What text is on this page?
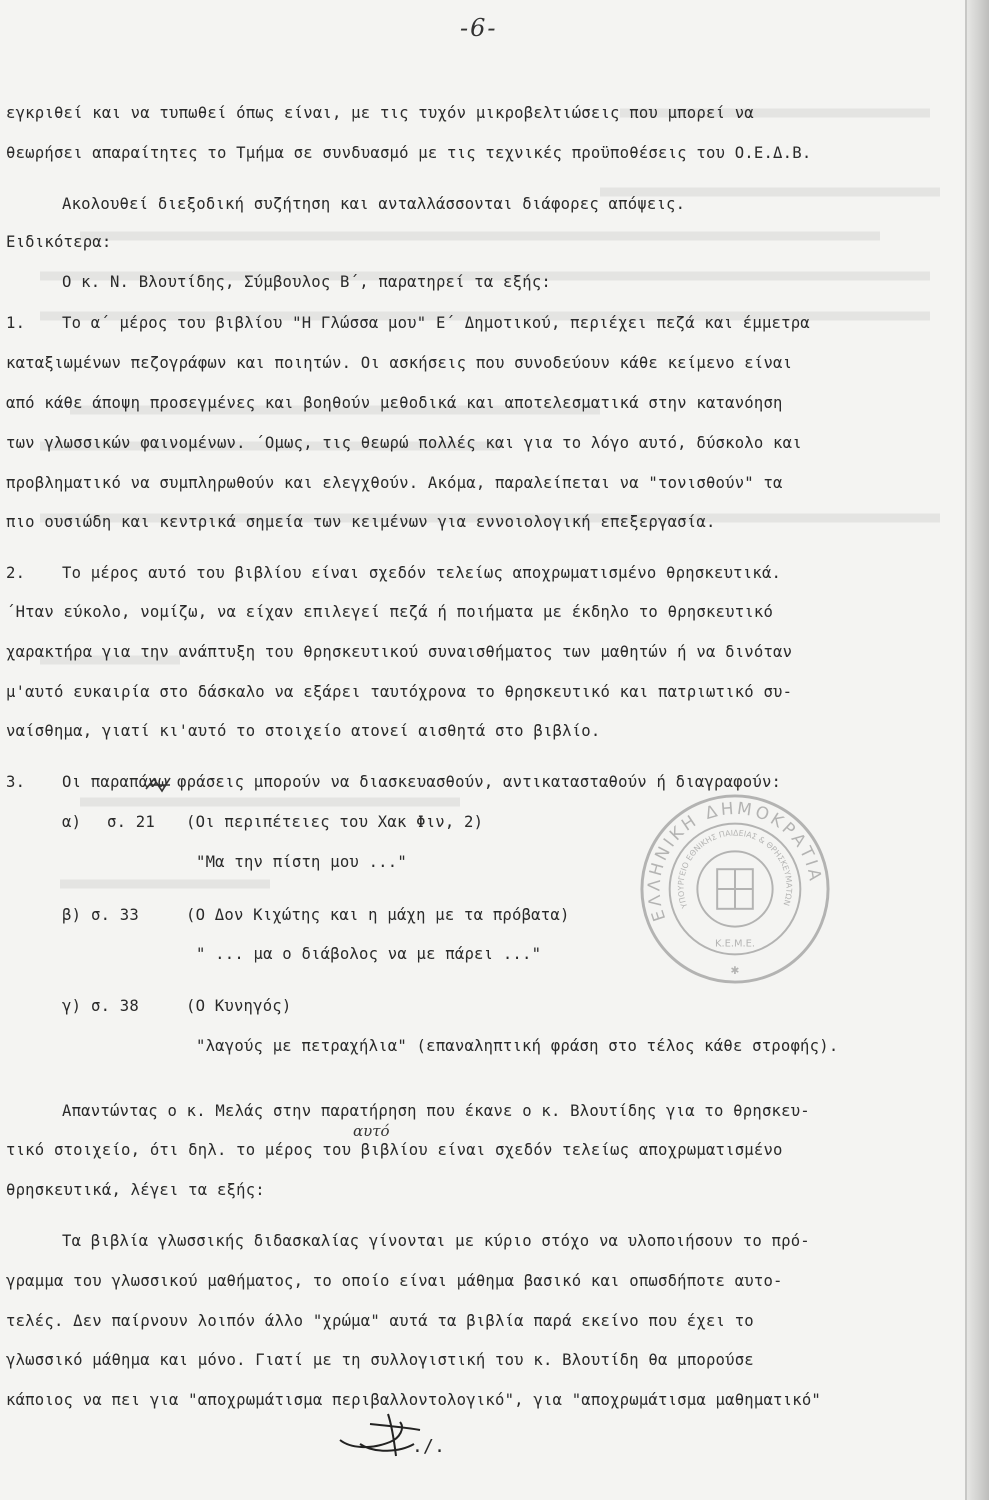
-6-
εγκριθεί και να τυπωθεί όπως είναι, με τις τυχόν μικροβελτιώσεις που μπορεί να
θεωρήσει απαραίτητες το Τμήμα σε συνδυασμό με τις τεχνικές προϋποθέσεις του Ο.Ε.Δ.Β.
Ακολουθεί διεξοδική συζήτηση και ανταλλάσσονται διάφορες απόψεις.
Ειδικότερα:
Ο κ. Ν. Βλουτίδης, Σύμβουλος Β΄, παρατηρεί τα εξής:
1. Το α΄ μέρος του βιβλίου "Η Γλώσσα μου" Ε΄ Δημοτικού, περιέχει πεζά και έμμετρα
καταξιωμένων πεζογράφων και ποιητών. Οι ασκήσεις που συνοδεύουν κάθε κείμενο είναι
από κάθε άποψη προσεγμένες και βοηθούν μεθοδικά και αποτελεσματικά στην κατανόηση
των γλωσσικών φαινομένων. ΄Ομως, τις θεωρώ πολλές και για το λόγο αυτό, δύσκολο και
προβληματικό να συμπληρωθούν και ελεγχθούν. Ακόμα, παραλείπεται να "τονισθούν" τα
πιο ουσιώδη και κεντρικά σημεία των κειμένων για εννοιολογική επεξεργασία.
2. Το μέρος αυτό του βιβλίου είναι σχεδόν τελείως αποχρωματισμένο θρησκευτικά.
΄Ηταν εύκολο, νομίζω, να είχαν επιλεγεί πεζά ή ποιήματα με έκδηλο το θρησκευτικό
χαρακτήρα για την ανάπτυξη του θρησκευτικού συναισθήματος των μαθητών ή να δινόταν
μ'αυτό ευκαιρία στο δάσκαλο να εξάρει ταυτόχρονα το θρησκευτικό και πατριωτικό συ-
ναίσθημα, γιατί κι'αυτό το στοιχείο ατονεί αισθητά στο βιβλίο.
3. Οι παραπάνω φράσεις μπορούν να διασκευασθούν, αντικατασταθούν ή διαγραφούν:
α) σ. 21 (Οι περιπέτειες του Χακ Φιν, 2)
"Μα την πίστη μου ..."
β) σ. 33	(Ο Δον Κιχώτης και η μάχη με τα πρόβατα)
" ... μα ο διάβολος να με πάρει ..."
γ) σ. 38	(Ο Κυνηγός)
"λαγούς με πετραχήλια" (επαναληπτική φράση στο τέλος κάθε στροφής).
Απαντώντας ο κ. Μελάς στην παρατήρηση που έκανε ο κ. Βλουτίδης για το θρησκευ-
τικό στοιχείο, ότι δηλ. το μέρος του βιβλίου είναι σχεδόν τελείως αποχρωματισμένο
θρησκευτικά, λέγει τα εξής:
Τα βιβλία γλωσσικής διδασκαλίας γίνονται με κύριο στόχο να υλοποιήσουν το πρό-
γραμμα του γλωσσικού μαθήματος, το οποίο είναι μάθημα βασικό και οπωσδήποτε αυτο-
τελές. Δεν παίρνουν λοιπόν άλλο "χρώμα" αυτά τα βιβλία παρά εκείνο που έχει το
γλωσσικό μάθημα και μόνο. Γιατί με τη συλλογιστική του κ. Βλουτίδη θα μπορούσε
κάποιος να πει για "αποχρωμάτισμα περιβαλλοντολογικό", για "αποχρωμάτισμα μαθηματικό"
αυτό
ΕΛΛΗΝΙΚΗ ΔΗΜΟΚΡΑΤΙΑ
ΥΠΟΥΡΓΕΙΟ ΕΘΝΙΚΗΣ ΠΑΙΔΕΙΑΣ & ΘΡΗΣΚΕΥΜΑΤΩΝ
Κ.Ε.Μ.Ε.
✱
./.
